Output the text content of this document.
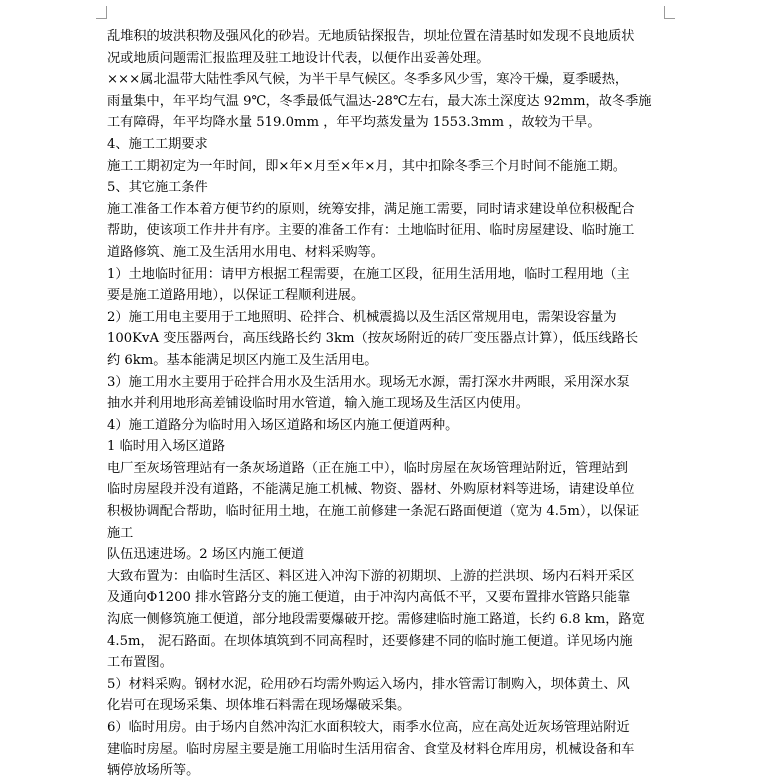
乱堆积的坡洪积物及强风化的砂岩。无地质钻探报告，坝址位置在清基时如发现不良地质状
况或地质问题需汇报监理及驻工地设计代表，以便作出妥善处理。
×××属北温带大陆性季风气候，为半干旱气候区。冬季多风少雪，寒冷干燥，夏季暖热，
雨量集中，年平均气温 9℃，冬季最低气温达-28℃左右，最大冻土深度达 92mm，故冬季施
工有障碍，年平均降水量 519.0mm ，年平均蒸发量为 1553.3mm ，故较为干旱。
4、施工工期要求
施工工期初定为一年时间，即×年×月至×年×月，其中扣除冬季三个月时间不能施工期。
5、其它施工条件
施工准备工作本着方便节约的原则，统筹安排，满足施工需要，同时请求建设单位积极配合
帮助，使该项工作井井有序。主要的准备工作有：土地临时征用、临时房屋建设、临时施工
道路修筑、施工及生活用水用电、材料采购等。
1）土地临时征用：请甲方根据工程需要，在施工区段，征用生活用地，临时工程用地（主
要是施工道路用地），以保证工程顺利进展。
2）施工用电主要用于工地照明、砼拌合、机械震捣以及生活区常规用电，需架设容量为
100KvA 变压器两台，高压线路长约 3km（按灰场附近的砖厂变压器点计算），低压线路长
约 6km。基本能满足坝区内施工及生活用电。
3）施工用水主要用于砼拌合用水及生活用水。现场无水源，需打深水井两眼，采用深水泵
抽水并利用地形高差铺设临时用水管道，输入施工现场及生活区内使用。
4）施工道路分为临时用入场区道路和场区内施工便道两种。
1 临时用入场区道路
电厂至灰场管理站有一条灰场道路（正在施工中），临时房屋在灰场管理站附近，管理站到
临时房屋段并没有道路，不能满足施工机械、物资、器材、外购原材料等进场，请建设单位
积极协调配合帮助，临时征用土地，在施工前修建一条泥石路面便道（宽为 4.5m），以保证
施工
队伍迅速进场。2 场区内施工便道
大致布置为：由临时生活区、料区进入冲沟下游的初期坝、上游的拦洪坝、场内石料开采区
及通向Φ1200 排水管路分支的施工便道，由于冲沟内高低不平，又要布置排水管路只能靠
沟底一侧修筑施工便道，部分地段需要爆破开挖。需修建临时施工路道，长约 6.8 km，路宽
4.5m， 泥石路面。在坝体填筑到不同高程时，还要修建不同的临时施工便道。详见场内施
工布置图。
5）材料采购。钢材水泥，砼用砂石均需外购运入场内，排水管需订制购入，坝体黄土、风
化岩可在现场采集、坝体堆石料需在现场爆破采集。
6）临时用房。由于场内自然冲沟汇水面积较大，雨季水位高，应在高处近灰场管理站附近
建临时房屋。临时房屋主要是施工用临时生活用宿舍、食堂及材料仓库用房，机械设备和车
辆停放场所等。
